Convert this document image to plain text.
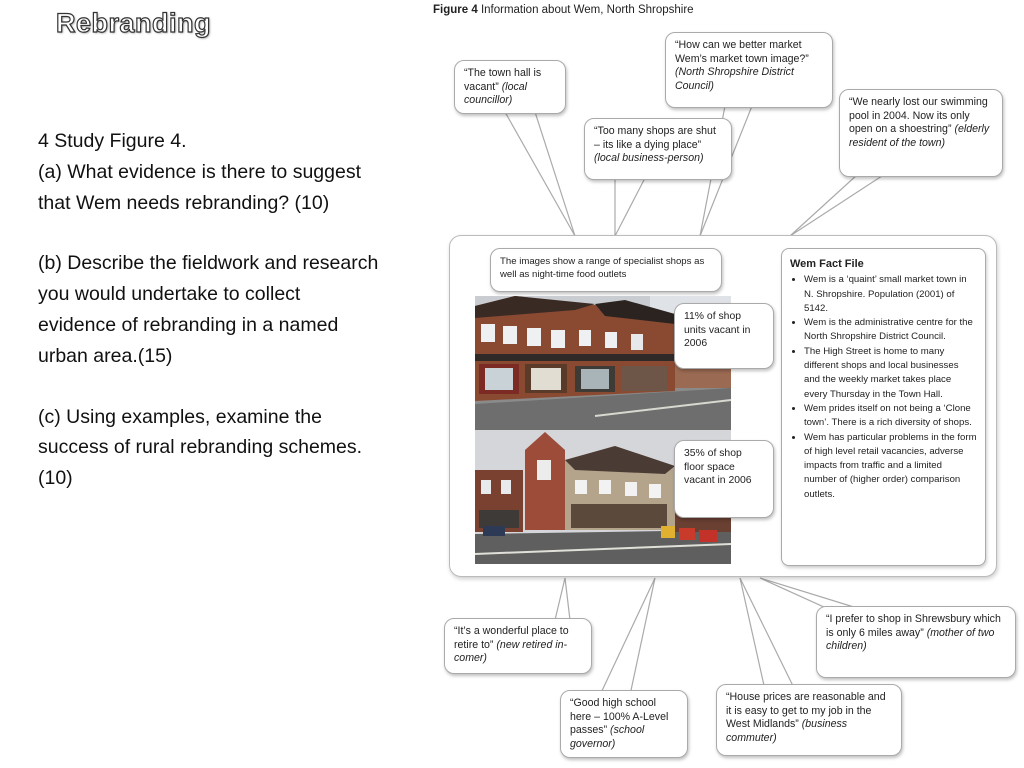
Rebranding

4 Study Figure 4.

(a) What evidence is there to suggest that Wem needs rebranding? (10)

(b) Describe the fieldwork and research you would undertake to collect evidence of rebranding in a named urban area.(15)

(c) Using examples, examine the success of rural rebranding schemes.

(10)

Figure 4 Information about Wem, North Shropshire
“The town hall is vacant” (local councillor)
“How can we better market Wem’s market town image?” (North Shropshire District Council)
“Too many shops are shut – its like a dying place” (local business-person)
“We nearly lost our swimming pool in 2004. Now its only open on a shoestring” (elderly resident of the town)
The images show a range of specialist shops as well as night-time food outlets
11% of shop units vacant in 2006
35% of shop floor space vacant in 2006
Wem Fact File
• Wem is a ‘quaint’ small market town in N. Shropshire. Population (2001) of 5142.
• Wem is the administrative centre for the North Shropshire District Council.
• The High Street is home to many different shops and local businesses and the weekly market takes place every Thursday in the Town Hall.
• Wem prides itself on not being a ‘Clone town’. There is a rich diversity of shops.
• Wem has particular problems in the form of high level retail vacancies, adverse impacts from traffic and a limited number of (higher order) comparison outlets.
“It’s a wonderful place to retire to” (new retired in-comer)
“I prefer to shop in Shrewsbury which is only 6 miles away” (mother of two children)
“Good high school here – 100% A-Level passes” (school governor)
“House prices are reasonable and it is easy to get to my job in the West Midlands” (business commuter)
